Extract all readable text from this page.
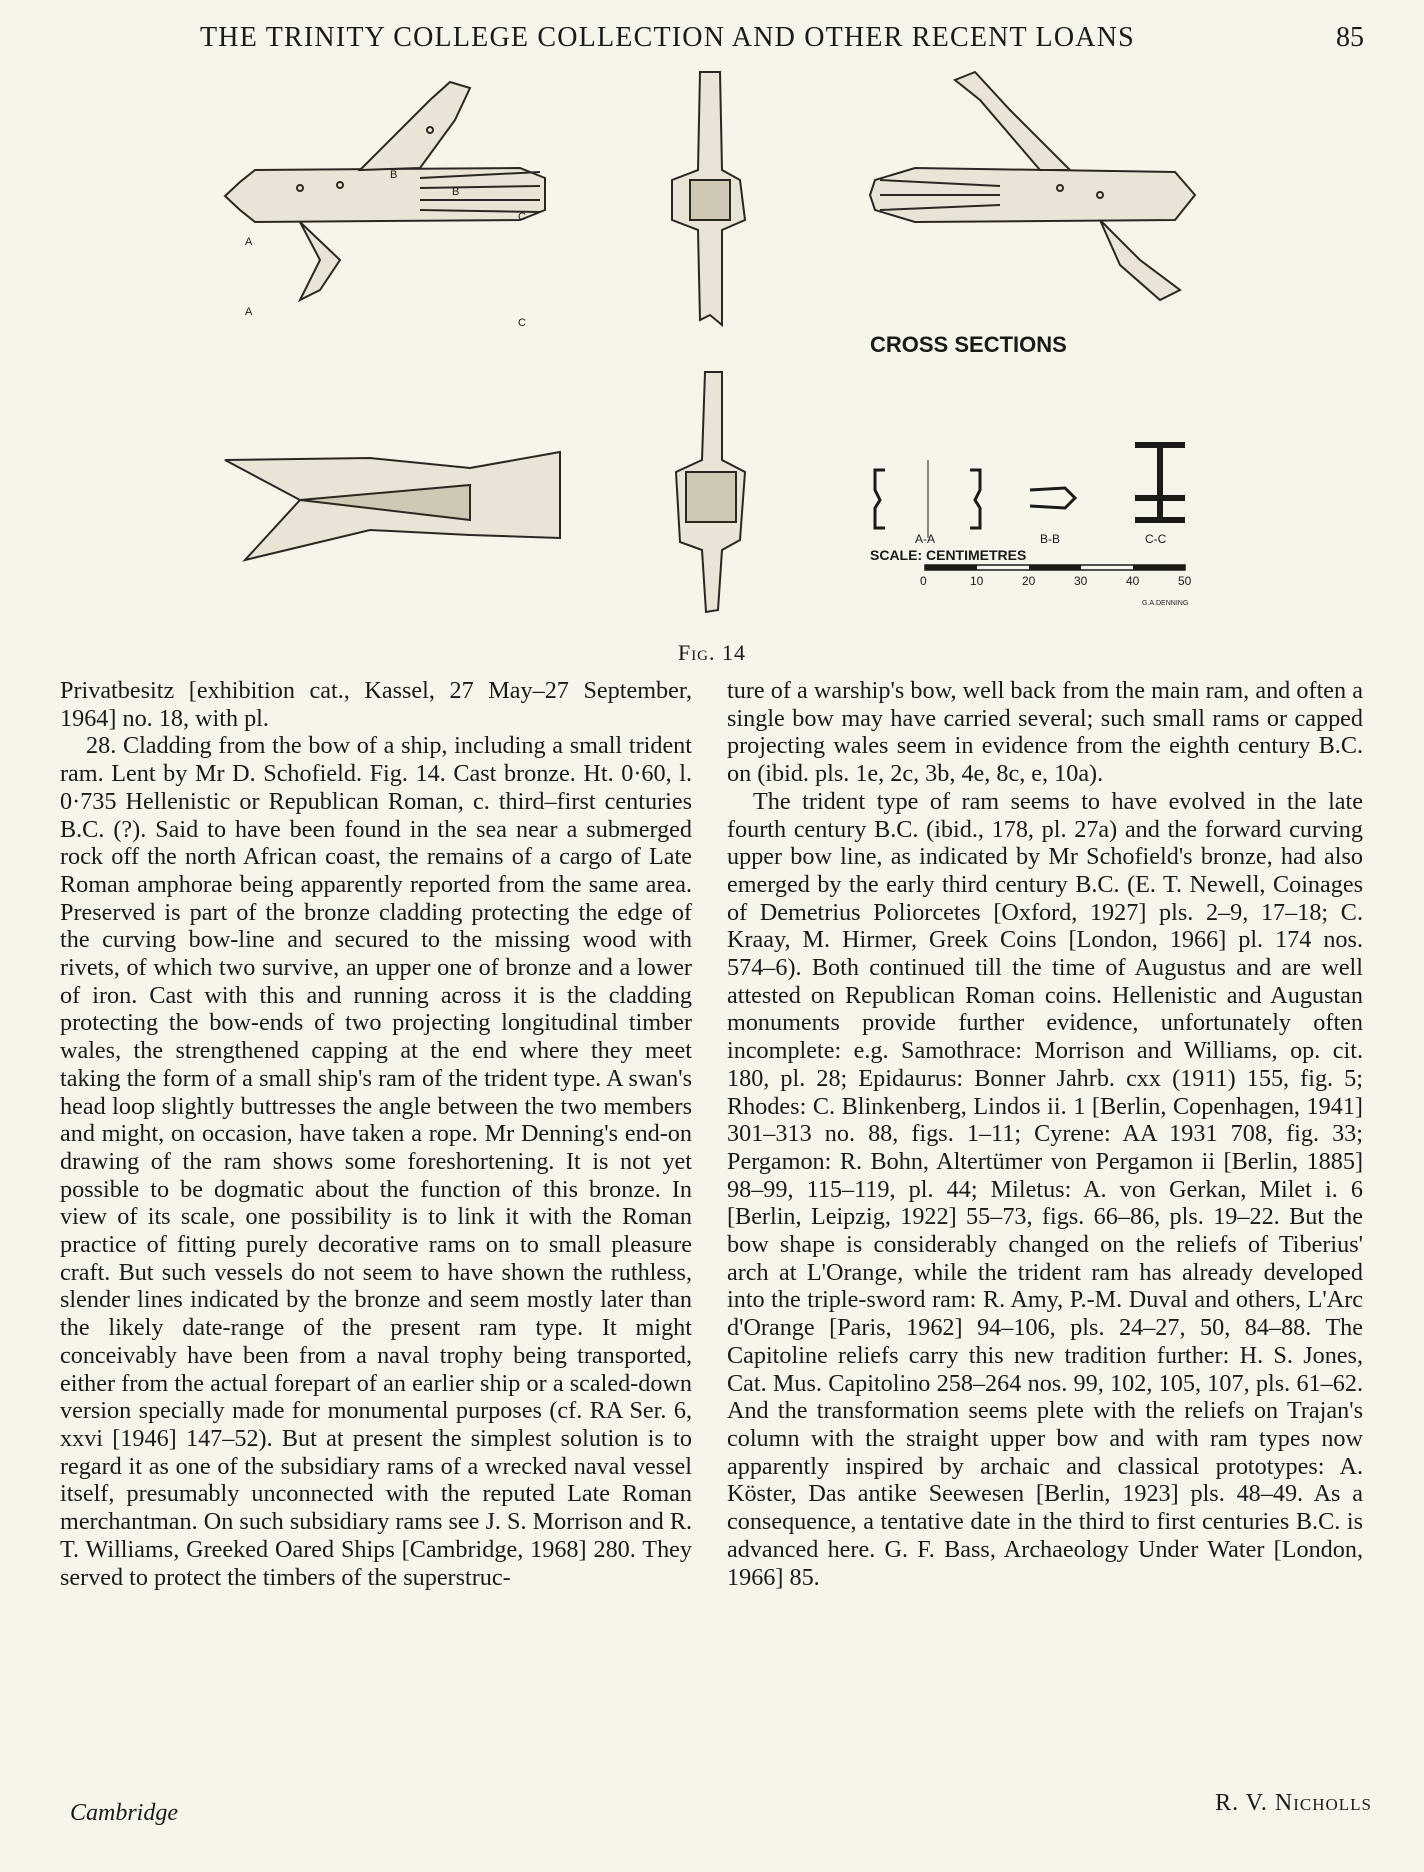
THE TRINITY COLLEGE COLLECTION AND OTHER RECENT LOANS	85
A
A
B
B
C
C
CROSS SECTIONS
A-A	B-B	C-C
SCALE: CENTIMETRES
0	10	20	30	40	50
G.A.DENNING
Fig. 14

Privatbesitz [exhibition cat., Kassel, 27 May–27 September, 1964] no. 18, with pl.

28. Cladding from the bow of a ship, including a small trident ram. Lent by Mr D. Schofield. Fig. 14. Cast bronze. Ht. 0·60, l. 0·735 Hellenistic or Republican Roman, c. third–first centuries B.C. (?). Said to have been found in the sea near a submerged rock off the north African coast, the remains of a cargo of Late Roman amphorae being apparently reported from the same area. Preserved is part of the bronze cladding protecting the edge of the curving bow-line and secured to the missing wood with rivets, of which two survive, an upper one of bronze and a lower of iron. Cast with this and running across it is the cladding protecting the bow-ends of two projecting longitudinal timber wales, the strengthened capping at the end where they meet taking the form of a small ship's ram of the trident type. A swan's head loop slightly buttresses the angle between the two members and might, on occasion, have taken a rope. Mr Denning's end-on drawing of the ram shows some foreshortening. It is not yet possible to be dogmatic about the function of this bronze. In view of its scale, one possibility is to link it with the Roman practice of fitting purely decorative rams on to small pleasure craft. But such vessels do not seem to have shown the ruthless, slender lines indicated by the bronze and seem mostly later than the likely date-range of the present ram type. It might conceivably have been from a naval trophy being transported, either from the actual forepart of an earlier ship or a scaled-down version specially made for monumental purposes (cf. RA Ser. 6, xxvi [1946] 147–52). But at present the simplest solution is to regard it as one of the subsidiary rams of a wrecked naval vessel itself, presumably unconnected with the reputed Late Roman merchantman. On such subsidiary rams see J. S. Morrison and R. T. Williams, Greeked Oared Ships [Cambridge, 1968] 280. They served to protect the timbers of the superstruc-

ture of a warship's bow, well back from the main ram, and often a single bow may have carried several; such small rams or capped projecting wales seem in evidence from the eighth century B.C. on (ibid. pls. 1e, 2c, 3b, 4e, 8c, e, 10a).

The trident type of ram seems to have evolved in the late fourth century B.C. (ibid., 178, pl. 27a) and the forward curving upper bow line, as indicated by Mr Schofield's bronze, had also emerged by the early third century B.C. (E. T. Newell, Coinages of Demetrius Poliorcetes [Oxford, 1927] pls. 2–9, 17–18; C. Kraay, M. Hirmer, Greek Coins [London, 1966] pl. 174 nos. 574–6). Both continued till the time of Augustus and are well attested on Republican Roman coins. Hellenistic and Augustan monuments provide further evidence, unfortunately often incomplete: e.g. Samothrace: Morrison and Williams, op. cit. 180, pl. 28; Epidaurus: Bonner Jahrb. cxx (1911) 155, fig. 5; Rhodes: C. Blinkenberg, Lindos ii. 1 [Berlin, Copenhagen, 1941] 301–313 no. 88, figs. 1–11; Cyrene: AA 1931 708, fig. 33; Pergamon: R. Bohn, Altertümer von Pergamon ii [Berlin, 1885] 98–99, 115–119, pl. 44; Miletus: A. von Gerkan, Milet i. 6 [Berlin, Leipzig, 1922] 55–73, figs. 66–86, pls. 19–22. But the bow shape is considerably changed on the reliefs of Tiberius' arch at L'Orange, while the trident ram has already developed into the triple-sword ram: R. Amy, P.-M. Duval and others, L'Arc d'Orange [Paris, 1962] 94–106, pls. 24–27, 50, 84–88. The Capitoline reliefs carry this new tradition further: H. S. Jones, Cat. Mus. Capitolino 258–264 nos. 99, 102, 105, 107, pls. 61–62. And the transformation seems plete with the reliefs on Trajan's column with the straight upper bow and with ram types now apparently inspired by archaic and classical prototypes: A. Köster, Das antike Seewesen [Berlin, 1923] pls. 48–49. As a consequence, a tentative date in the third to first centuries B.C. is advanced here. G. F. Bass, Archaeology Under Water [London, 1966] 85.

Cambridge	R. V. Nicholls
